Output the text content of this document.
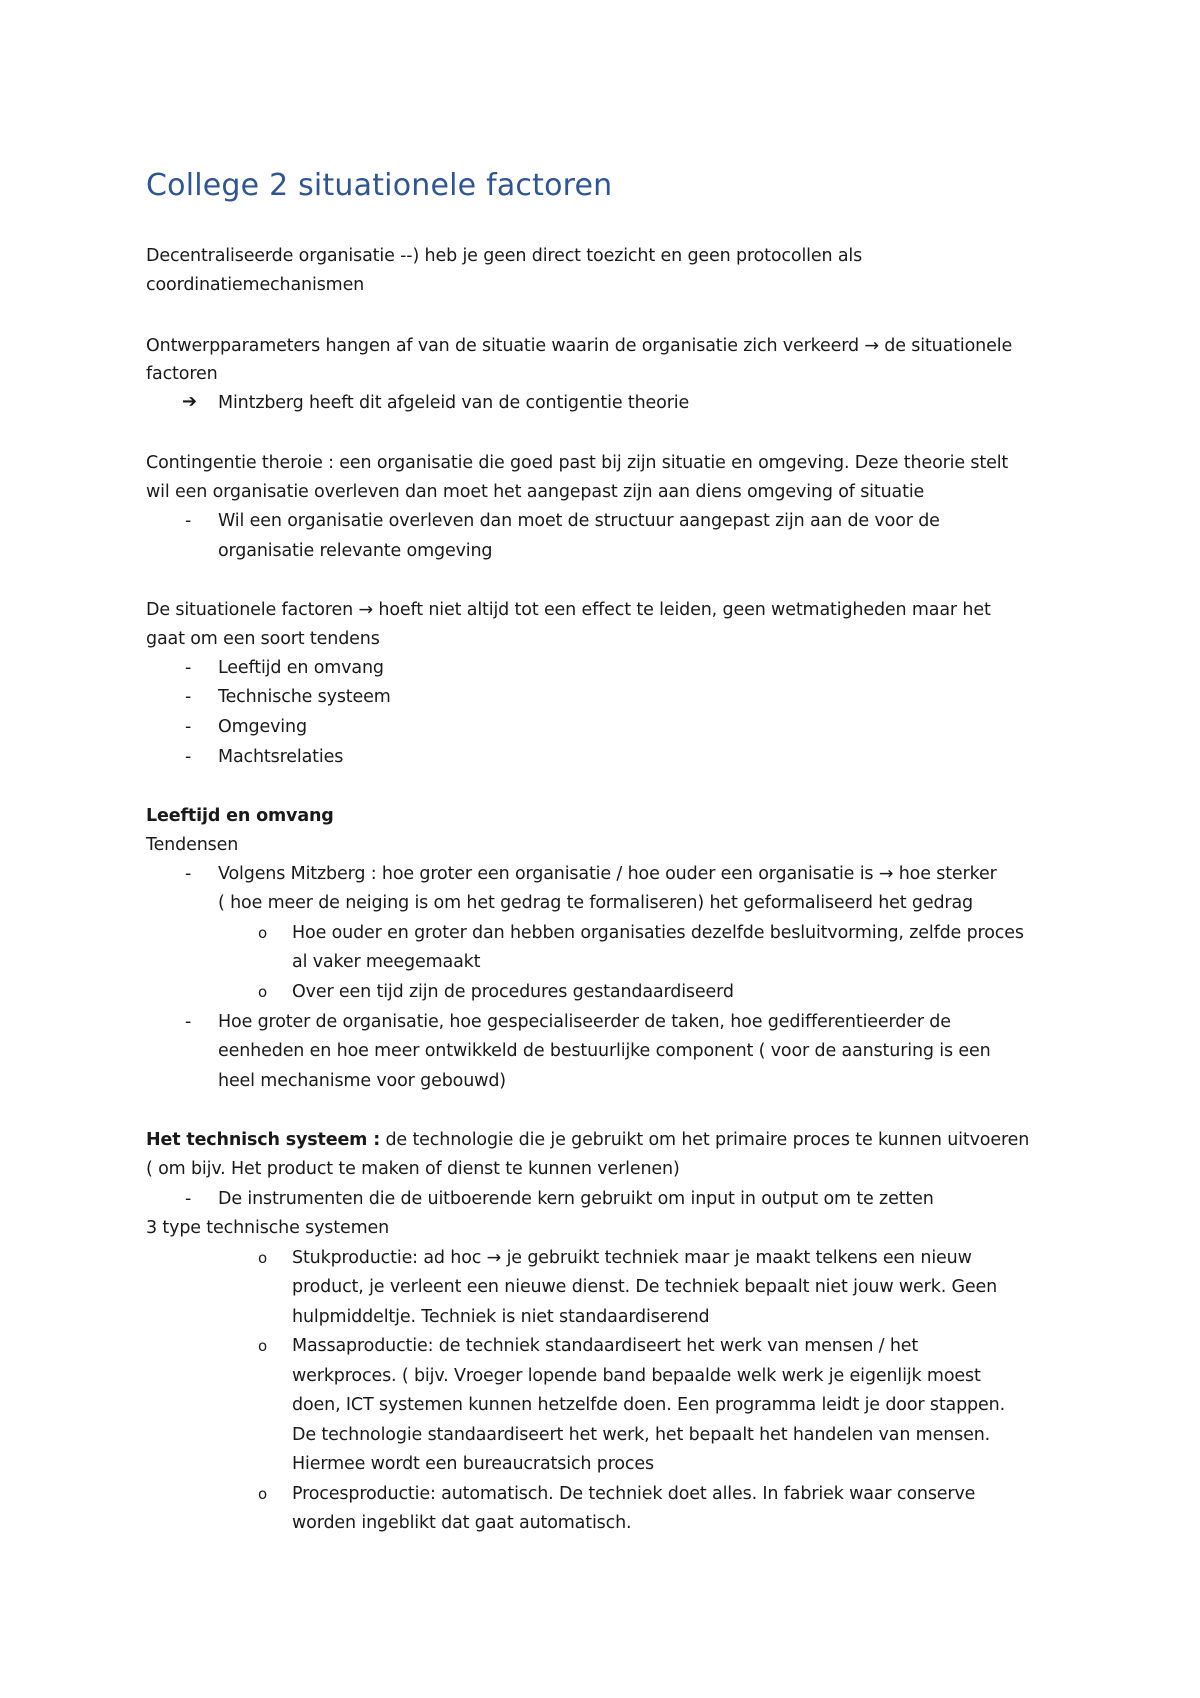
College 2 situationele factoren
Decentraliseerde organisatie --) heb je geen direct toezicht en geen protocollen als
coordinatiemechanismen
Ontwerpparameters hangen af van de situatie waarin de organisatie zich verkeerd → de situationele
factoren
➔ Mintzberg heeft dit afgeleid van de contigentie theorie
Contingentie theroie : een organisatie die goed past bij zijn situatie en omgeving. Deze theorie stelt
wil een organisatie overleven dan moet het aangepast zijn aan diens omgeving of situatie
- Wil een organisatie overleven dan moet de structuur aangepast zijn aan de voor de
organisatie relevante omgeving
De situationele factoren → hoeft niet altijd tot een effect te leiden, geen wetmatigheden maar het
gaat om een soort tendens
- Leeftijd en omvang
- Technische systeem
- Omgeving
- Machtsrelaties
Leeftijd en omvang
Tendensen
- Volgens Mitzberg : hoe groter een organisatie / hoe ouder een organisatie is → hoe sterker
( hoe meer de neiging is om het gedrag te formaliseren) het geformaliseerd het gedrag
o Hoe ouder en groter dan hebben organisaties dezelfde besluitvorming, zelfde proces
al vaker meegemaakt
o Over een tijd zijn de procedures gestandaardiseerd
- Hoe groter de organisatie, hoe gespecialiseerder de taken, hoe gedifferentieerder de
eenheden en hoe meer ontwikkeld de bestuurlijke component ( voor de aansturing is een
heel mechanisme voor gebouwd)
Het technisch systeem : de technologie die je gebruikt om het primaire proces te kunnen uitvoeren
( om bijv. Het product te maken of dienst te kunnen verlenen)
- De instrumenten die de uitboerende kern gebruikt om input in output om te zetten
3 type technische systemen
o Stukproductie: ad hoc → je gebruikt techniek maar je maakt telkens een nieuw
product, je verleent een nieuwe dienst. De techniek bepaalt niet jouw werk. Geen
hulpmiddeltje. Techniek is niet standaardiserend
o Massaproductie: de techniek standaardiseert het werk van mensen / het
werkproces. ( bijv. Vroeger lopende band bepaalde welk werk je eigenlijk moest
doen, ICT systemen kunnen hetzelfde doen. Een programma leidt je door stappen.
De technologie standaardiseert het werk, het bepaalt het handelen van mensen.
Hiermee wordt een bureaucratsich proces
o Procesproductie: automatisch. De techniek doet alles. In fabriek waar conserve
worden ingeblikt dat gaat automatisch.
